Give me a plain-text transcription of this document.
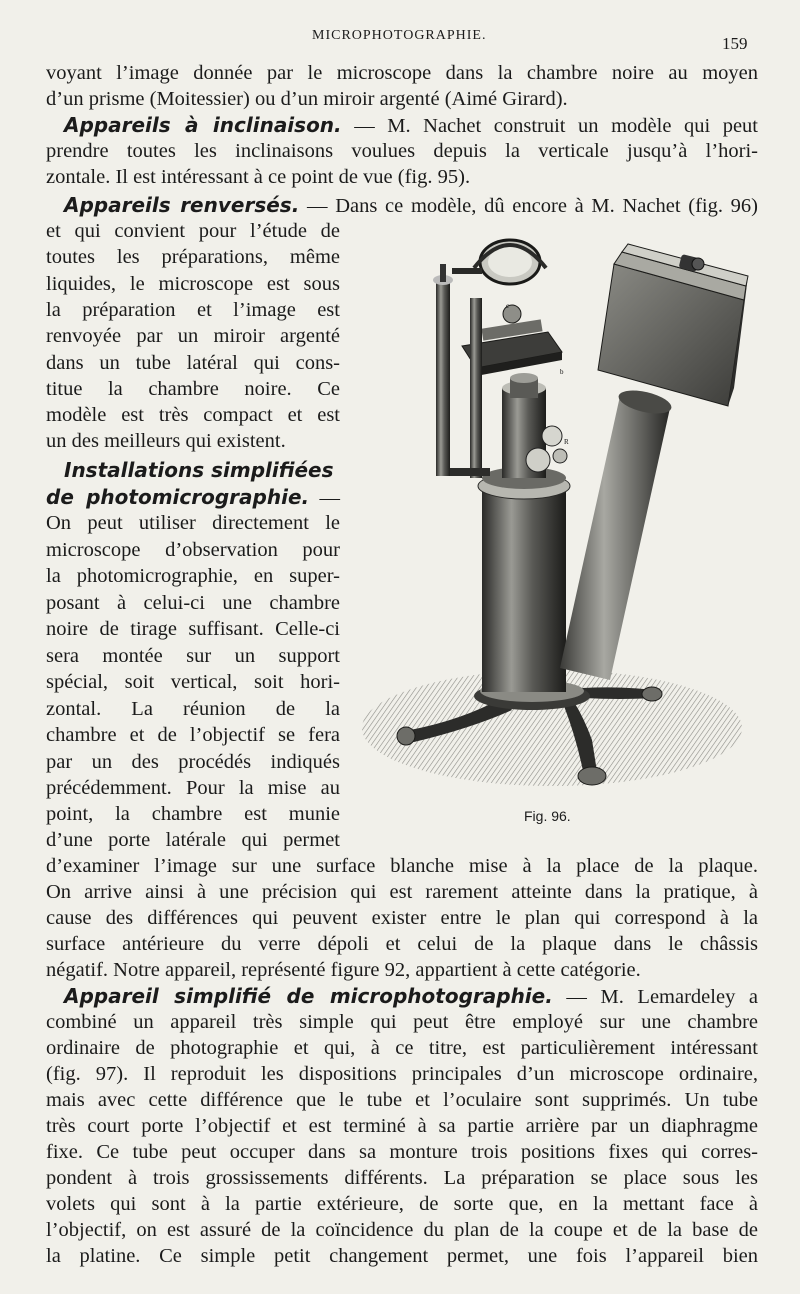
MICROPHOTOGRAPHIE.	159
voyant l’image donnée par le microscope dans la chambre noire au moyen
d’un prisme (Moitessier) ou d’un miroir argenté (Aimé Girard).
Appareils à inclinaison. — M. Nachet construit un modèle qui peut
prendre toutes les inclinaisons voulues depuis la verticale jusqu’à l’hori-
zontale. Il est intéressant à ce point de vue (fig. 95).
Appareils renversés. — Dans ce modèle, dû encore à M. Nachet (fig. 96)
et qui convient pour l’étude de
toutes les préparations, même
liquides, le microscope est sous
la préparation et l’image est
renvoyée par un miroir argenté
dans un tube latéral qui cons-
titue la chambre noire. Ce
modèle est très compact et est
un des meilleurs qui existent.
Installations simplifiées
de photomicrographie. —
On peut utiliser directement le
microscope d’observation pour
la photomicrographie, en super-
posant à celui-ci une chambre
noire de tirage suffisant. Celle-ci
sera montée sur un support
spécial, soit vertical, soit hori-
zontal. La réunion de la
chambre et de l’objectif se fera
par un des procédés indiqués
précédemment. Pour la mise au
point, la chambre est munie
d’une porte latérale qui permet
d’examiner l’image sur une surface blanche mise à la place de la plaque.
On arrive ainsi à une précision qui est rarement atteinte dans la pratique, à
cause des différences qui peuvent exister entre le plan qui correspond à la
surface antérieure du verre dépoli et celui de la plaque dans le châssis
négatif. Notre appareil, représenté figure 92, appartient à cette catégorie.
Appareil simplifié de microphotographie. — M. Lemardeley a
combiné un appareil très simple qui peut être employé sur une chambre
ordinaire de photographie et qui, à ce titre, est particulièrement intéressant
(fig. 97). Il reproduit les dispositions principales d’un microscope ordinaire,
mais avec cette différence que le tube et l’oculaire sont supprimés. Un tube
très court porte l’objectif et est terminé à sa partie arrière par un diaphragme
fixe. Ce tube peut occuper dans sa monture trois positions fixes qui corres-
pondent à trois grossissements différents. La préparation se place sous les
volets qui sont à la partie extérieure, de sorte que, en la mettant face à
l’objectif, on est assuré de la coïncidence du plan de la coupe et de la base de
la platine. Ce simple petit changement permet, une fois l’appareil bien
c
b
R
Fig. 96.
